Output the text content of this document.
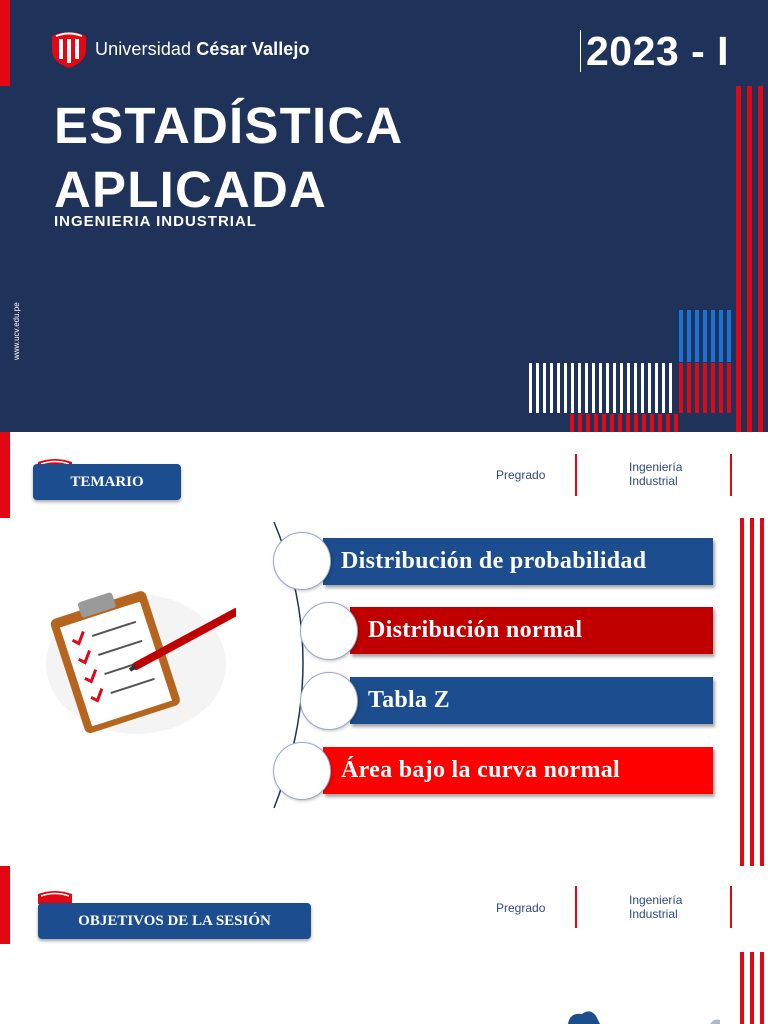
Universidad César Vallejo	2023 - I
ESTADÍSTICA
APLICADA
INGENIERIA INDUSTRIAL
www.ucv.edu.pe
TEMARIO	Pregrado
Ingeniería
Industrial
Distribución de probabilidad
Distribución normal
Tabla Z
Área bajo la curva normal
OBJETIVOS DE LA SESIÓN
Pregrado
Ingeniería
Industrial
